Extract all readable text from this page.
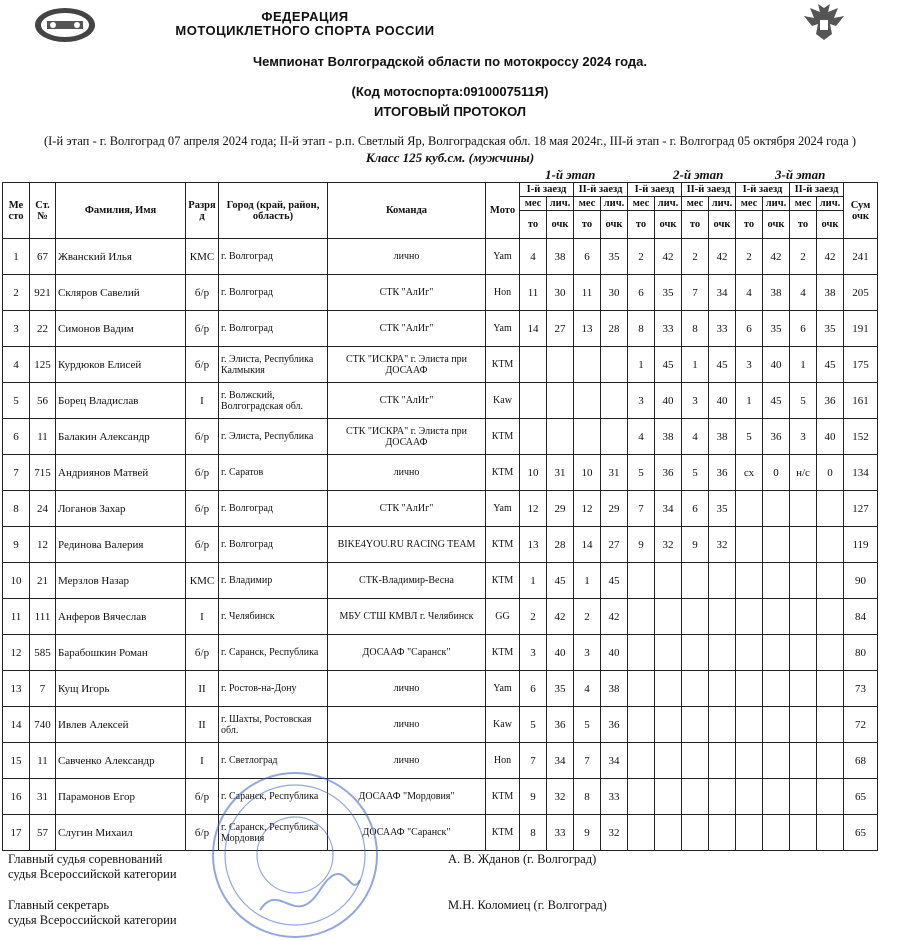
ФЕДЕРАЦИЯ
МОТОЦИКЛЕТНОГО СПОРТА РОССИИ
Чемпионат Волгоградской области по мотокроссу 2024 года.
(Код мотоспорта:0910007511Я)
ИТОГОВЫЙ ПРОТОКОЛ
(I-й этап - г. Волгоград 07 апреля 2024 года; II-й этап - р.п. Светлый Яр, Волгоградская обл. 18 мая 2024г., III-й этап - г. Волгоград 05 октября 2024 года )
Класс 125 куб.см. (мужчины)
1-й этап	2-й этап	3-й этап
Ме сто	Ст. №	Фамилия, Имя	Разря д	Город (край, район, область)	Команда	Мото	I-й заезд		II-й заезд		I-й заезд		II-й заезд		I-й заезд		II-й заезд		Сум очк
							мес	лич.	мес	лич.	мес	лич.	мес	лич.	мес	лич.	мес	лич.	
							то	очк	то	очк	то	очк	то	очк	то	очк	то	очк	
1	67	Жванский Илья	КМС	г. Волгоград	лично	Yam	4	38	6	35	2	42	2	42	2	42	2	42	241
2	921	Скляров Савелий	б/р	г. Волгоград	СТК "АлИг"	Hon	11	30	11	30	6	35	7	34	4	38	4	38	205
3	22	Симонов Вадим	б/р	г. Волгоград	СТК "АлИг"	Yam	14	27	13	28	8	33	8	33	6	35	6	35	191
4	125	Курдюков Елисей	б/р	г. Элиста, Республика Калмыкия	СТК "ИСКРА" г. Элиста при ДОСААФ	КТМ					1	45	1	45	3	40	1	45	175
5	56	Борец Владислав	I	г. Волжский, Волгоградская обл.	СТК "АлИг"	Kaw					3	40	3	40	1	45	5	36	161
6	11	Балакин Александр	б/р	г. Элиста, Республика	СТК "ИСКРА" г. Элиста при ДОСААФ	КТМ					4	38	4	38	5	36	3	40	152
7	715	Андриянов Матвей	б/р	г. Саратов	лично	КТМ	10	31	10	31	5	36	5	36	сх	0	н/с	0	134
8	24	Логанов Захар	б/р	г. Волгоград	СТК "АлИг"	Yam	12	29	12	29	7	34	6	35					127
9	12	Рединова Валерия	б/р	г. Волгоград	BIKE4YOU.RU RACING TEAM	КТМ	13	28	14	27	9	32	9	32					119
10	21	Мерзлов Назар	КМС	г. Владимир	СТК-Владимир-Весна	КТМ	1	45	1	45									90
11	111	Анферов Вячеслав	I	г. Челябинск	МБУ СТШ КМВЛ г. Челябинск	GG	2	42	2	42									84
12	585	Барабошкин Роман	б/р	г. Саранск, Республика	ДОСААФ "Саранск"	КТМ	3	40	3	40									80
13	7	Кущ Игорь	II	г. Ростов-на-Дону	лично	Yam	6	35	4	38									73
14	740	Ивлев Алексей	II	г. Шахты, Ростовская обл.	лично	Kaw	5	36	5	36									72
15	11	Савченко Александр	I	г. Светлоград	лично	Hon	7	34	7	34									68
16	31	Парамонов Егор	б/р	г. Саранск, Республика	ДОСААФ "Мордовия"	КТМ	9	32	8	33									65
17	57	Слугин Михаил	б/р	г. Саранск, Республика Мордовия	ДОСААФ "Саранск"	КТМ	8	33	9	32									65
Главный судья соревнований
судья Всероссийской категории
Главный секретарь
судья Всероссийской категории
А. В. Жданов (г. Волгоград)
М.Н. Коломиец (г. Волгоград)
